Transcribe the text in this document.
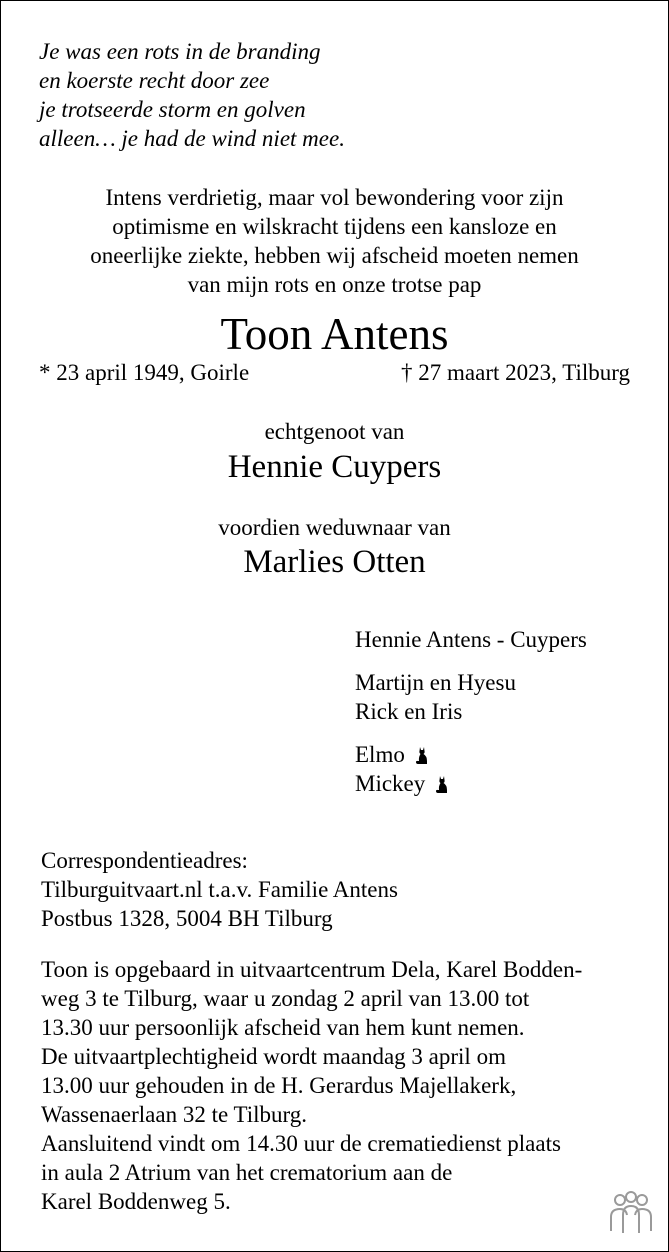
Je was een rots in de branding
en koerste recht door zee
je trotseerde storm en golven
alleen… je had de wind niet mee.
Intens verdrietig, maar vol bewondering voor zijn
optimisme en wilskracht tijdens een kansloze en
oneerlijke ziekte, hebben wij afscheid moeten nemen
van mijn rots en onze trotse pap
Toon Antens
* 23 april 1949, Goirle	† 27 maart 2023, Tilburg
echtgenoot van
Hennie Cuypers
voordien weduwnaar van
Marlies Otten
Hennie Antens - Cuypers
Martijn en Hyesu
Rick en Iris
Elmo
Mickey
Correspondentieadres:
Tilburguitvaart.nl t.a.v. Familie Antens
Postbus 1328, 5004 BH Tilburg
Toon is opgebaard in uitvaartcentrum Dela, Karel Bodden-
weg 3 te Tilburg, waar u zondag 2 april van 13.00 tot
13.30 uur persoonlijk afscheid van hem kunt nemen.
De uitvaartplechtigheid wordt maandag 3 april om
13.00 uur gehouden in de H. Gerardus Majellakerk,
Wassenaerlaan 32 te Tilburg.
Aansluitend vindt om 14.30 uur de crematiedienst plaats
in aula 2 Atrium van het crematorium aan de
Karel Boddenweg 5.
